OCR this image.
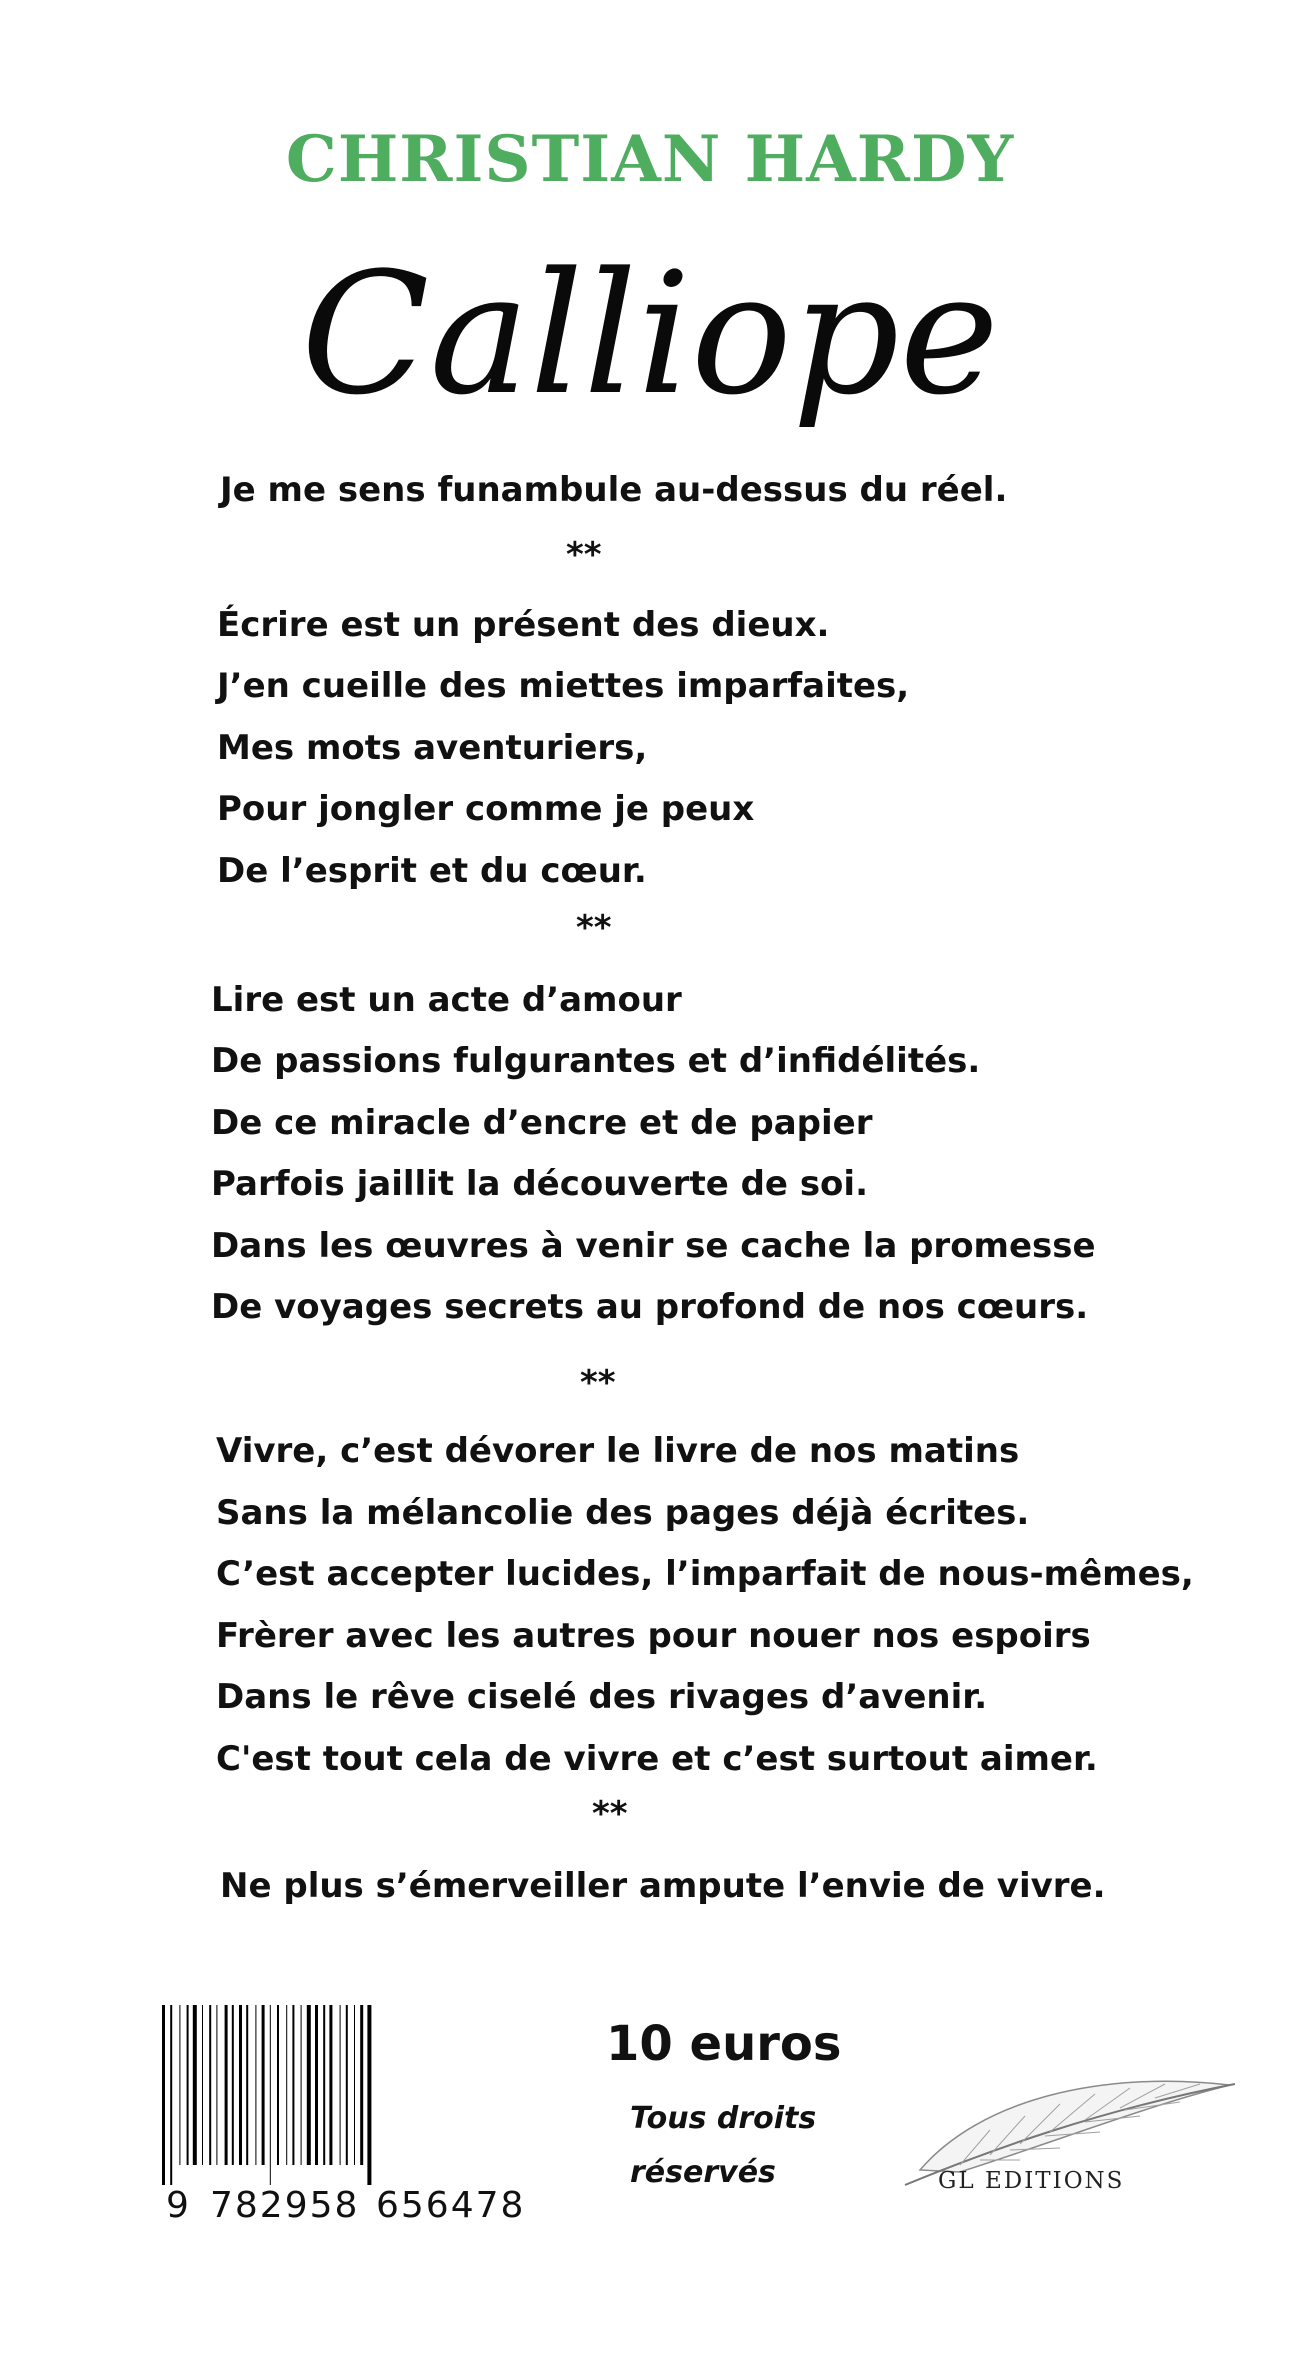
CHRISTIAN HARDY
Calliope
Je me sens funambule au-dessus du réel.
**
Écrire est un présent des dieux.
J’en cueille des miettes imparfaites,
Mes mots aventuriers,
Pour jongler comme je peux
De l’esprit et du cœur.
**
Lire est un acte d’amour
De passions fulgurantes et d’infidélités.
De ce miracle d’encre et de papier
Parfois jaillit la découverte de soi.
Dans les œuvres à venir se cache la promesse
De voyages secrets au profond de nos cœurs.
**
Vivre, c’est dévorer le livre de nos matins
Sans la mélancolie des pages déjà écrites.
C’est accepter lucides, l’imparfait de nous-mêmes,
Frèrer avec les autres pour nouer nos espoirs
Dans le rêve ciselé des rivages d’avenir.
C'est tout cela de vivre et c’est surtout aimer.
**
Ne plus s’émerveiller ampute l’envie de vivre.
9 782958 656478
10 euros
Tous droits
réservés	GL EDITIONS
